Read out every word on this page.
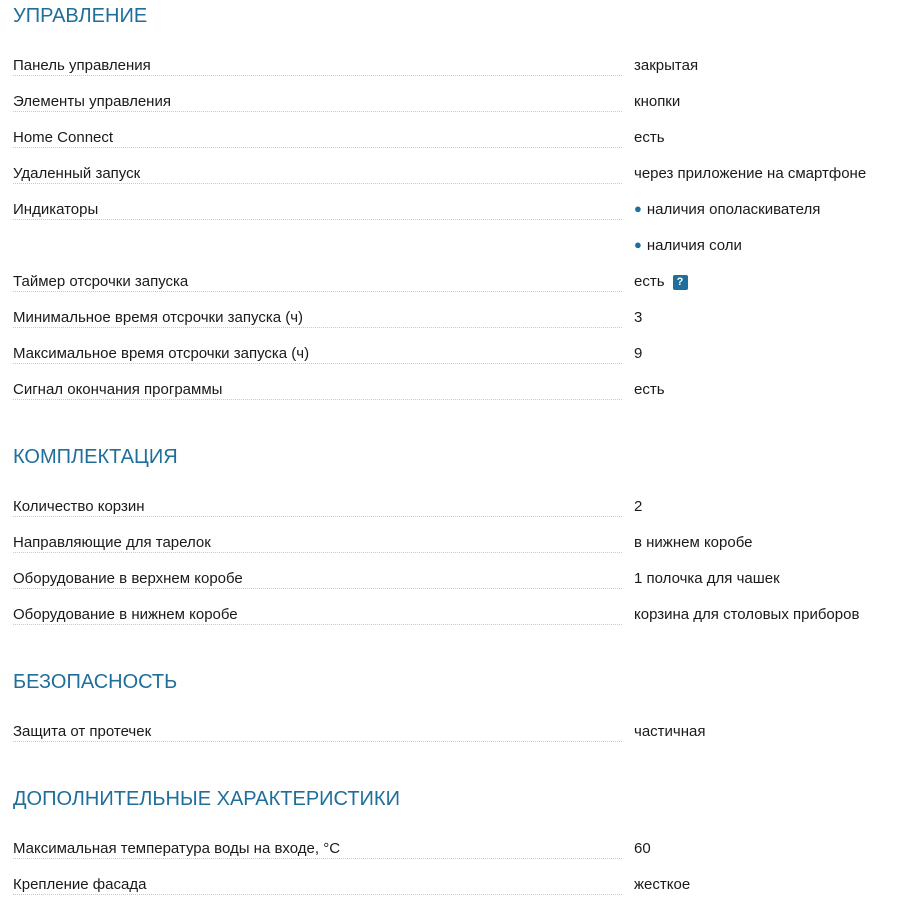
УПРАВЛЕНИЕ
Панель управления	закрытая
Элементы управления	кнопки
Home Connect	есть
Удаленный запуск	через приложение на смартфоне
Индикаторы	● наличия ополаскивателя
● наличия соли
Таймер отсрочки запуска	есть	?
Минимальное время отсрочки запуска (ч)	3
Максимальное время отсрочки запуска (ч)	9
Сигнал окончания программы	есть
КОМПЛЕКТАЦИЯ
Количество корзин	2
Направляющие для тарелок	в нижнем коробе
Оборудование в верхнем коробе	1 полочка для чашек
Оборудование в нижнем коробе	корзина для столовых приборов
БЕЗОПАСНОСТЬ
Защита от протечек	частичная
ДОПОЛНИТЕЛЬНЫЕ ХАРАКТЕРИСТИКИ
Максимальная температура воды на входе, °C	60
Крепление фасада	жесткое
